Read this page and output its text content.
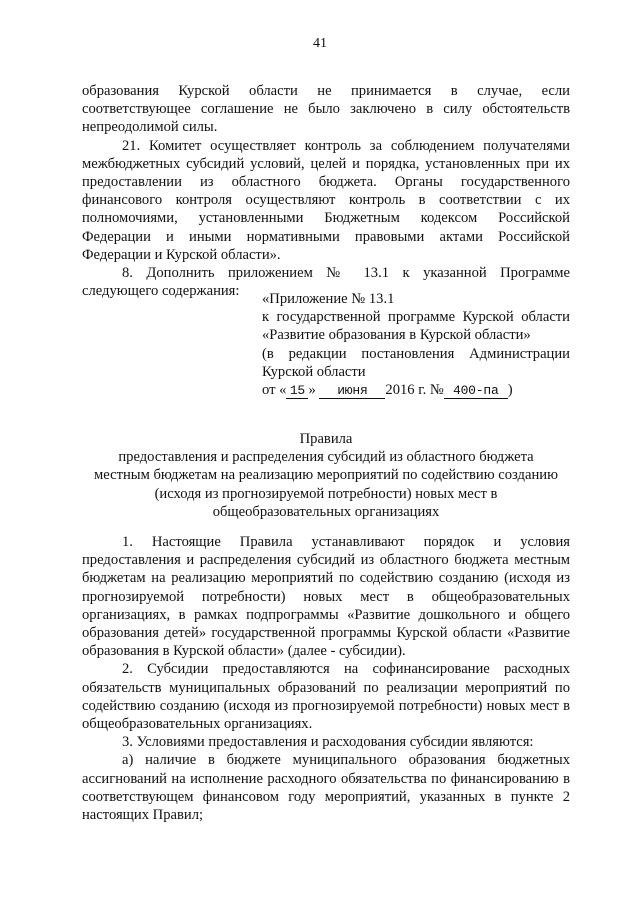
41

образования Курской области не принимается в случае, если соответствующее соглашение не было заключено в силу обстоятельств непреодолимой силы.

21. Комитет осуществляет контроль за соблюдением получателями межбюджетных субсидий условий, целей и порядка, установленных при их предоставлении из областного бюджета. Органы государственного финансового контроля осуществляют контроль в соответствии с их полномочиями, установленными Бюджетным кодексом Российской Федерации и иными нормативными правовыми актами Российской Федерации и Курской области».

8. Дополнить приложением № 13.1 к указанной Программе следующего содержания:	«Приложение № 13.1

к государственной программе Курской области «Развитие образования в Курской области»

(в редакции постановления Администрации Курской области

от « 15 » июня 2016 г. № 400-па )

Правила

предоставления и распределения субсидий из областного бюджета

местным бюджетам на реализацию мероприятий по содействию созданию

(исходя из прогнозируемой потребности) новых мест в

общеобразовательных организациях

1. Настоящие Правила устанавливают порядок и условия предоставления и распределения субсидий из областного бюджета местным бюджетам на реализацию мероприятий по содействию созданию (исходя из прогнозируемой потребности) новых мест в общеобразовательных организациях, в рамках подпрограммы «Развитие дошкольного и общего образования детей» государственной программы Курской области «Развитие образования в Курской области» (далее - субсидии).

2. Субсидии предоставляются на софинансирование расходных обязательств муниципальных образований по реализации мероприятий по содействию созданию (исходя из прогнозируемой потребности) новых мест в общеобразовательных организациях.

3. Условиями предоставления и расходования субсидии являются:

а) наличие в бюджете муниципального образования бюджетных ассигнований на исполнение расходного обязательства по финансированию в соответствующем финансовом году мероприятий, указанных в пункте 2 настоящих Правил;
